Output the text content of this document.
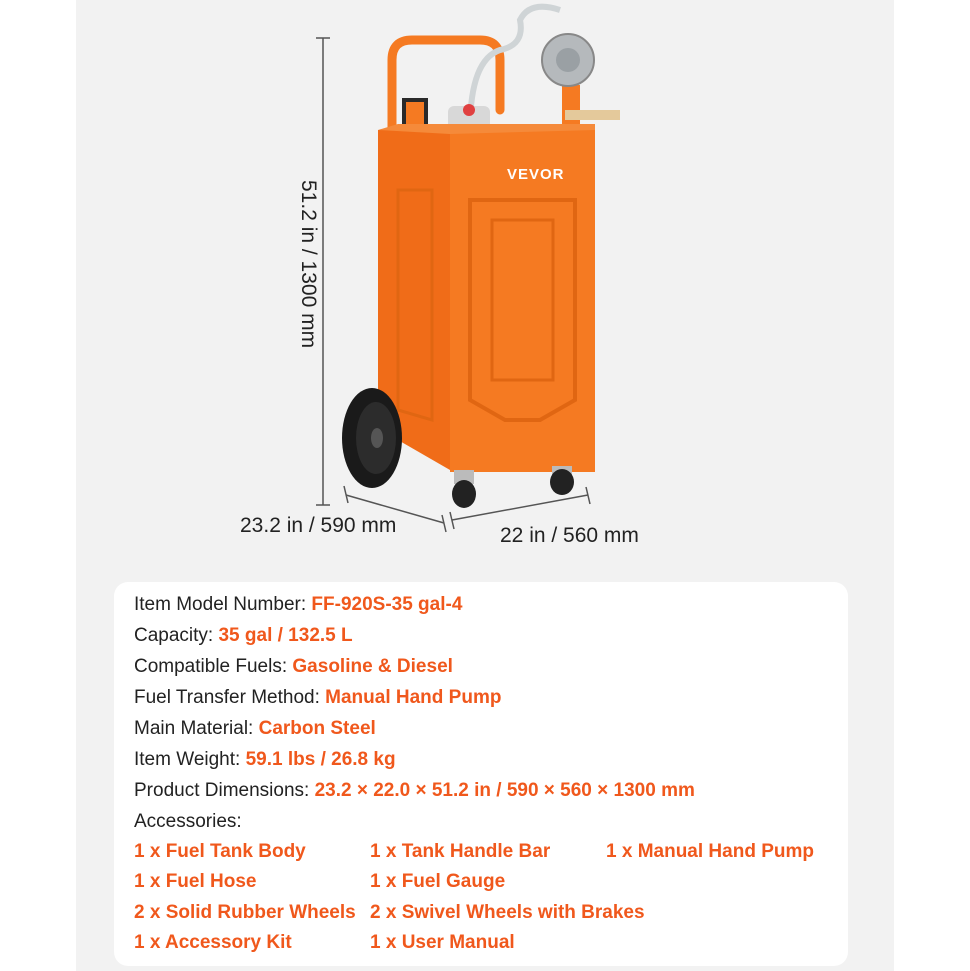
VEVOR
51.2 in / 1300 mm
23.2 in / 590 mm	22 in / 560 mm
Item Model Number: FF-920S-35 gal-4
Capacity: 35 gal / 132.5 L
Compatible Fuels: Gasoline & Diesel
Fuel Transfer Method: Manual Hand Pump
Main Material: Carbon Steel
Item Weight: 59.1 lbs / 26.8 kg
Product Dimensions: 23.2 × 22.0 × 51.2 in / 590 × 560 × 1300 mm
Accessories:
1 x Fuel Tank Body	1 x Tank Handle Bar	1 x Manual Hand Pump
1 x Fuel Hose	1 x Fuel Gauge
2 x Solid Rubber Wheels 2 x Swivel Wheels with Brakes
1 x Accessory Kit	1 x User Manual
